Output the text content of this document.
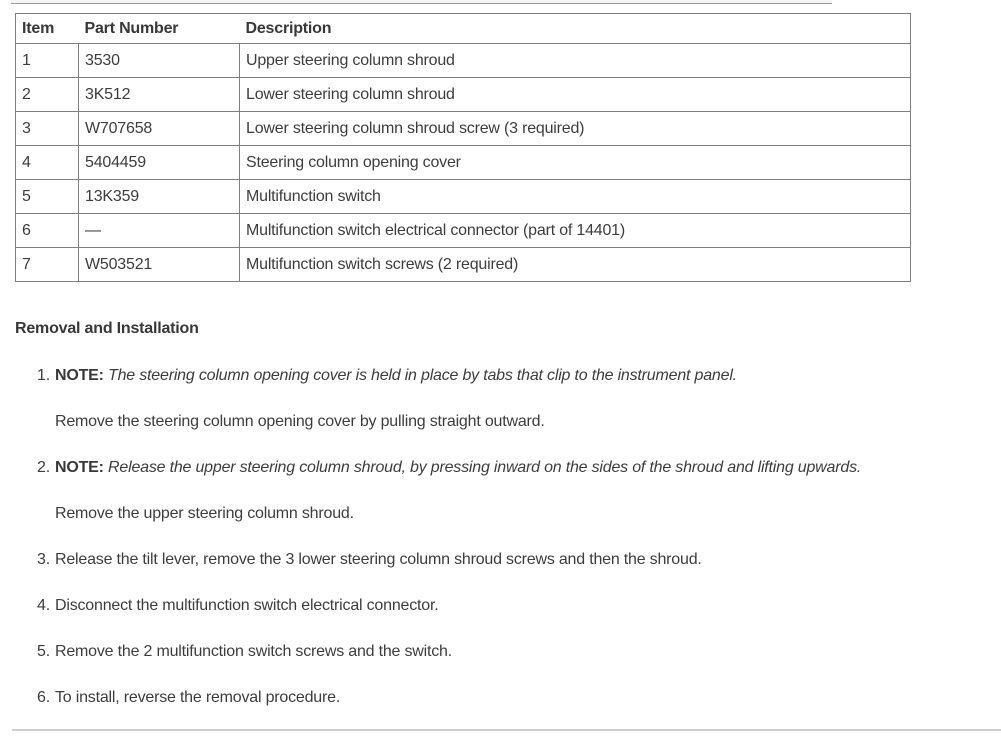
Item	Part Number	Description
1	3530	Upper steering column shroud
2	3K512	Lower steering column shroud
3	W707658	Lower steering column shroud screw (3 required)
4	5404459	Steering column opening cover
5	13K359	Multifunction switch
6	—	Multifunction switch electrical connector (part of 14401)
7	W503521	Multifunction switch screws (2 required)
Removal and Installation
1. NOTE: The steering column opening cover is held in place by tabs that clip to the instrument panel.
Remove the steering column opening cover by pulling straight outward.
2. NOTE: Release the upper steering column shroud, by pressing inward on the sides of the shroud and lifting upwards.
Remove the upper steering column shroud.
3. Release the tilt lever, remove the 3 lower steering column shroud screws and then the shroud.
4. Disconnect the multifunction switch electrical connector.
5. Remove the 2 multifunction switch screws and the switch.
6. To install, reverse the removal procedure.
